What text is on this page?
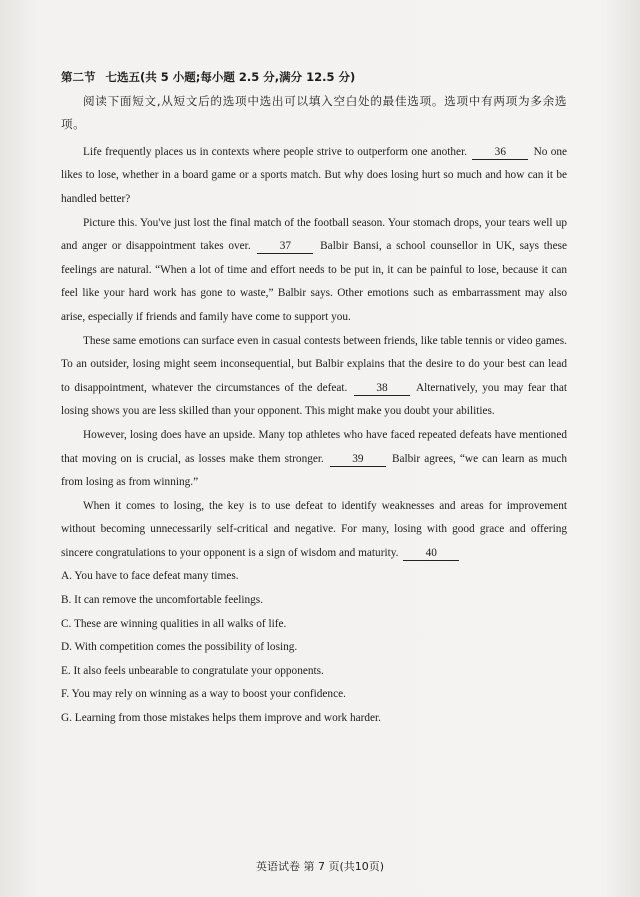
第二节 七选五(共 5 小题;每小题 2.5 分,满分 12.5 分)

阅读下面短文,从短文后的选项中选出可以填入空白处的最佳选项。选项中有两项为多余选项。

Life frequently places us in contexts where people strive to outperform one another. 36 No one likes to lose, whether in a board game or a sports match. But why does losing hurt so much and how can it be handled better?

Picture this. You've just lost the final match of the football season. Your stomach drops, your tears well up and anger or disappointment takes over.	37	Balbir Bansi, a school counsellor in UK, says these feelings are natural. “When a lot of time and effort needs to be put in, it can be painful to lose, because it can feel like your hard work has gone to waste,” Balbir says. Other emotions such as embarrassment may also arise, especially if friends and family have come to support you.

These same emotions can surface even in casual contests between friends, like table tennis or video games. To an outsider, losing might seem inconsequential, but Balbir explains that the desire to do your best can lead to disappointment, whatever the circumstances of the defeat.	38	Alternatively, you may fear that losing shows you are less skilled than your opponent. This might make you doubt your abilities.

However, losing does have an upside. Many top athletes who have faced repeated defeats have mentioned that moving on is crucial, as losses make them stronger.	39	Balbir agrees, “we can learn as much from losing as from winning.”

When it comes to losing, the key is to use defeat to identify weaknesses and areas for improvement without becoming unnecessarily self-critical and negative. For many, losing with good grace and offering sincere congratulations to your opponent is a sign of wisdom and maturity. 40

A. You have to face defeat many times.

B. It can remove the uncomfortable feelings.

C. These are winning qualities in all walks of life.

D. With competition comes the possibility of losing.

E. It also feels unbearable to congratulate your opponents.

F. You may rely on winning as a way to boost your confidence.

G. Learning from those mistakes helps them improve and work harder.

英语试卷 第 7 页(共10页)
